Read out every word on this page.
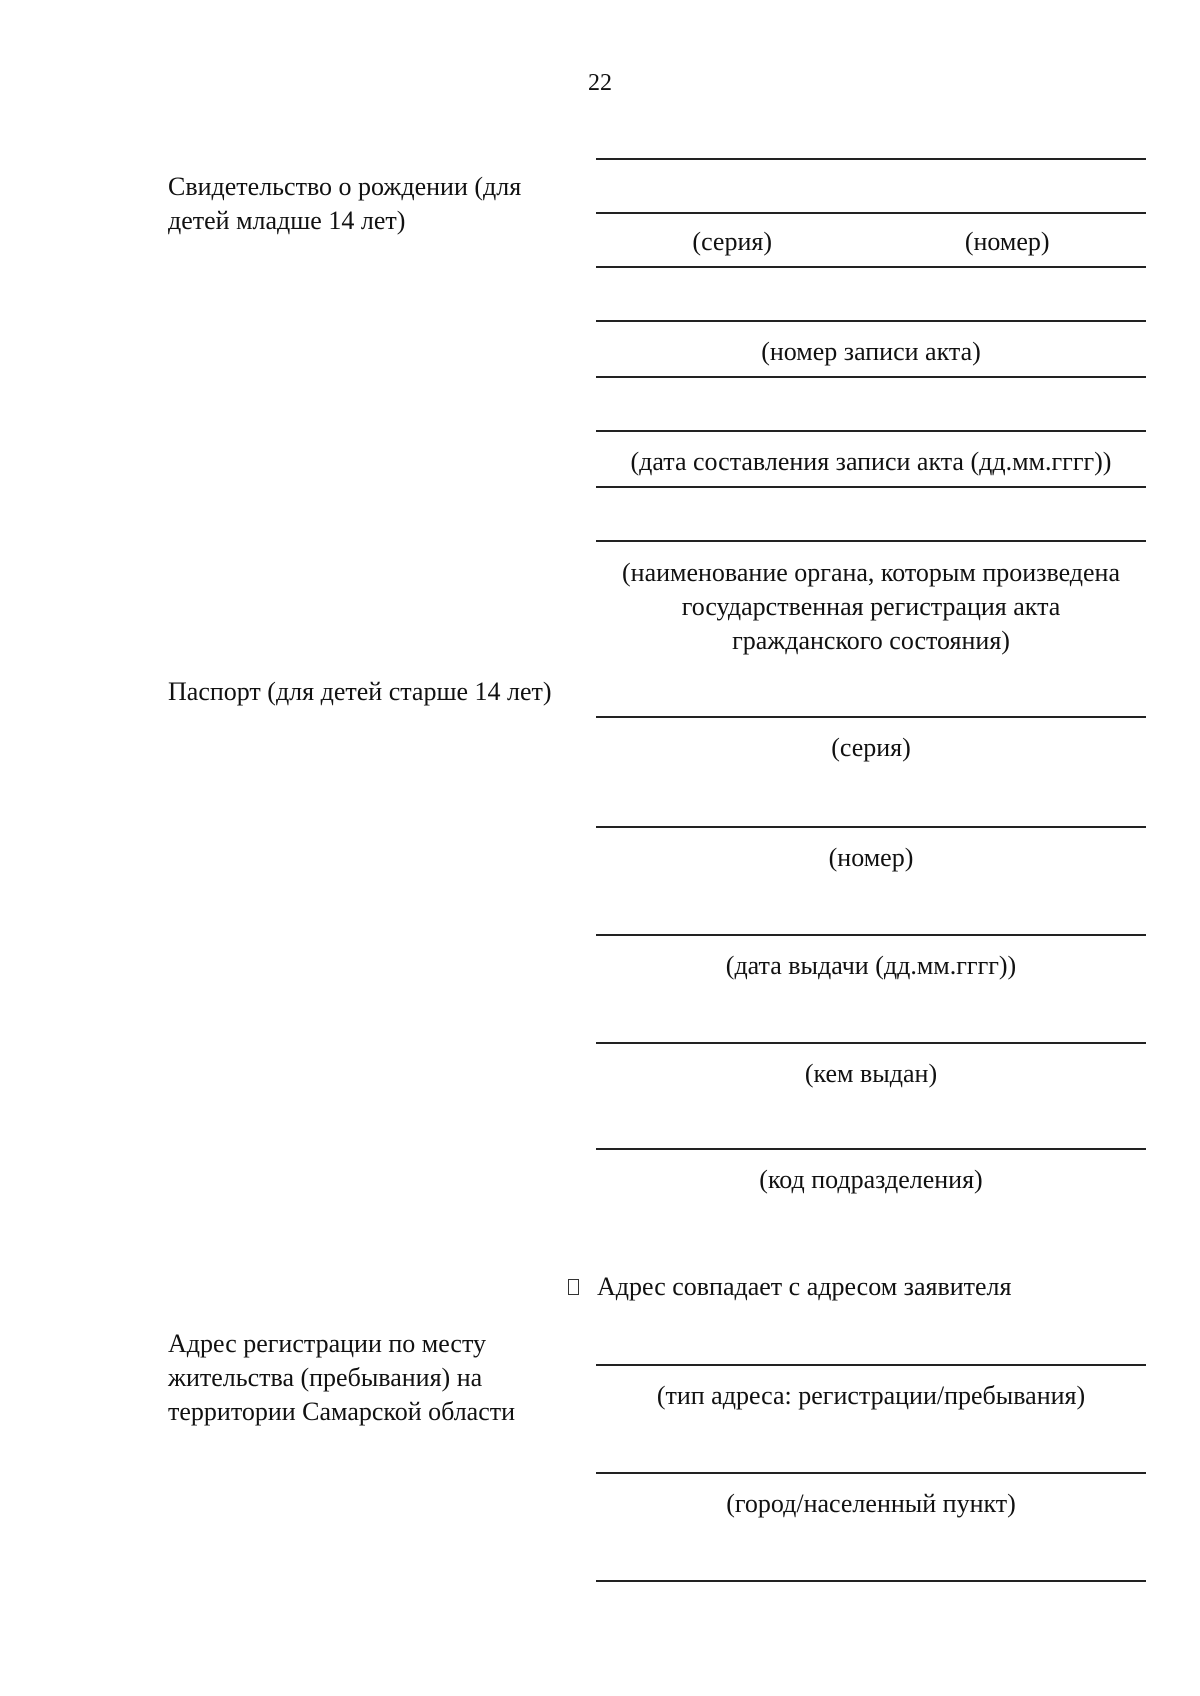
22
Свидетельство о рождении (для детей младше 14 лет)
(серия)	(номер)
(номер записи акта)
(дата составления записи акта (дд.мм.гггг))
(наименование органа, которым произведена государственная регистрация акта гражданского состояния)
Паспорт (для детей старше 14 лет)
(серия)
(номер)
(дата выдачи (дд.мм.гггг))
(кем выдан)
(код подразделения)
Адрес совпадает с адресом заявителя
Адрес регистрации по месту жительства (пребывания) на территории Самарской области
(тип адреса: регистрации/пребывания)
(город/населенный пункт)
